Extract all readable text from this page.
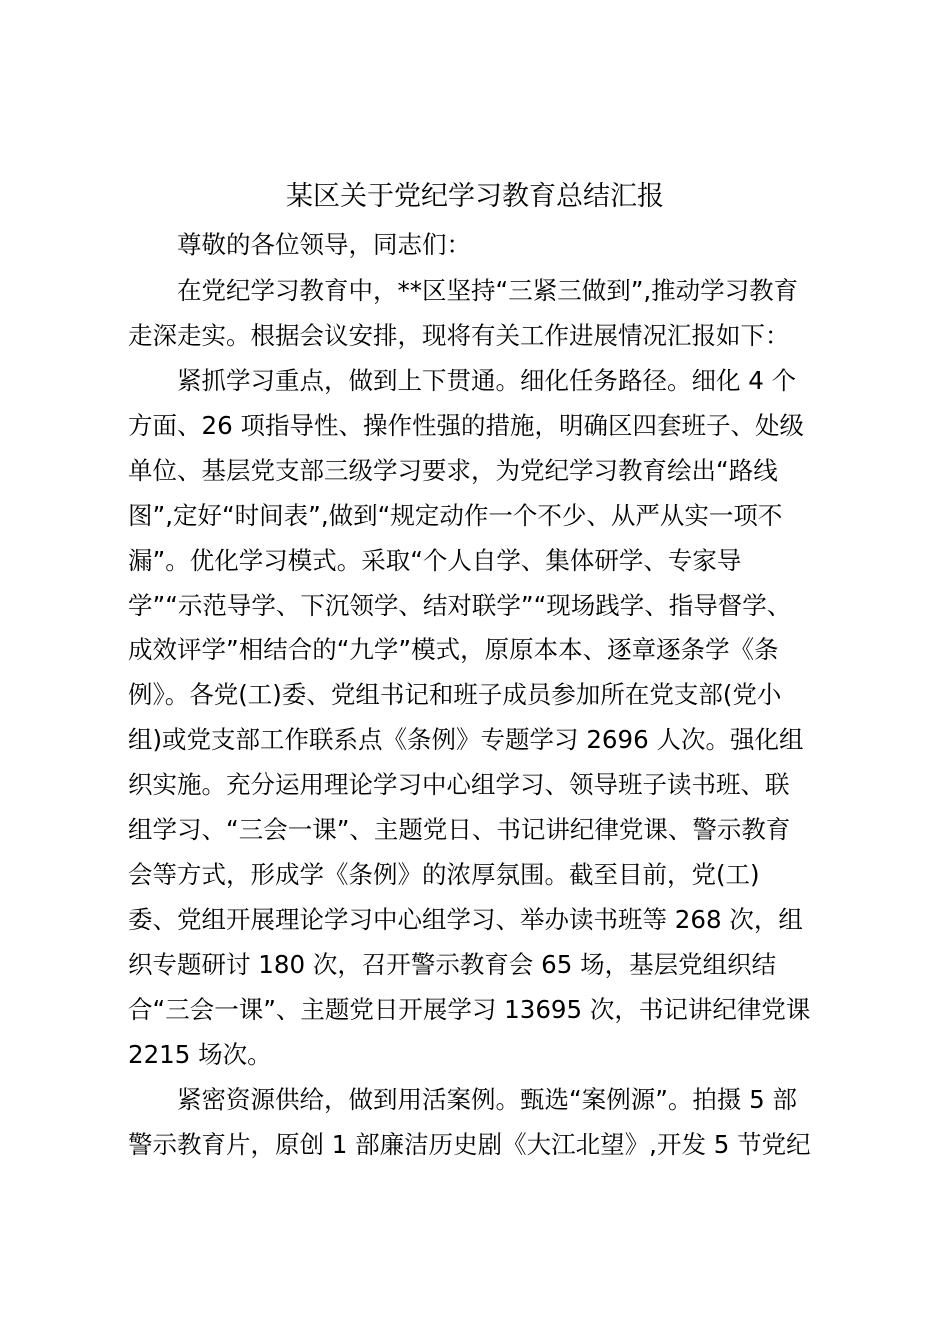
某区关于党纪学习教育总结汇报
尊敬的各位领导，同志们：
在党纪学习教育中，**区坚持“三紧三做到”,推动学习教育
走深走实。根据会议安排，现将有关工作进展情况汇报如下：
紧抓学习重点，做到上下贯通。细化任务路径。细化 4 个
方面、26 项指导性、操作性强的措施，明确区四套班子、处级
单位、基层党支部三级学习要求，为党纪学习教育绘出“路线
图”,定好“时间表”,做到“规定动作一个不少、从严从实一项不
漏”。优化学习模式。采取“个人自学、集体研学、专家导
学”“示范导学、下沉领学、结对联学”“现场践学、指导督学、
成效评学”相结合的“九学”模式，原原本本、逐章逐条学《条
例》。各党(工)委、党组书记和班子成员参加所在党支部(党小
组)或党支部工作联系点《条例》专题学习 2696 人次。强化组
织实施。充分运用理论学习中心组学习、领导班子读书班、联
组学习、“三会一课”、主题党日、书记讲纪律党课、警示教育
会等方式，形成学《条例》的浓厚氛围。截至目前，党(工)
委、党组开展理论学习中心组学习、举办读书班等 268 次，组
织专题研讨 180 次，召开警示教育会 65 场，基层党组织结
合“三会一课”、主题党日开展学习 13695 次，书记讲纪律党课
2215 场次。
紧密资源供给，做到用活案例。甄选“案例源”。拍摄 5 部
警示教育片，原创 1 部廉洁历史剧《大江北望》,开发 5 节党纪
